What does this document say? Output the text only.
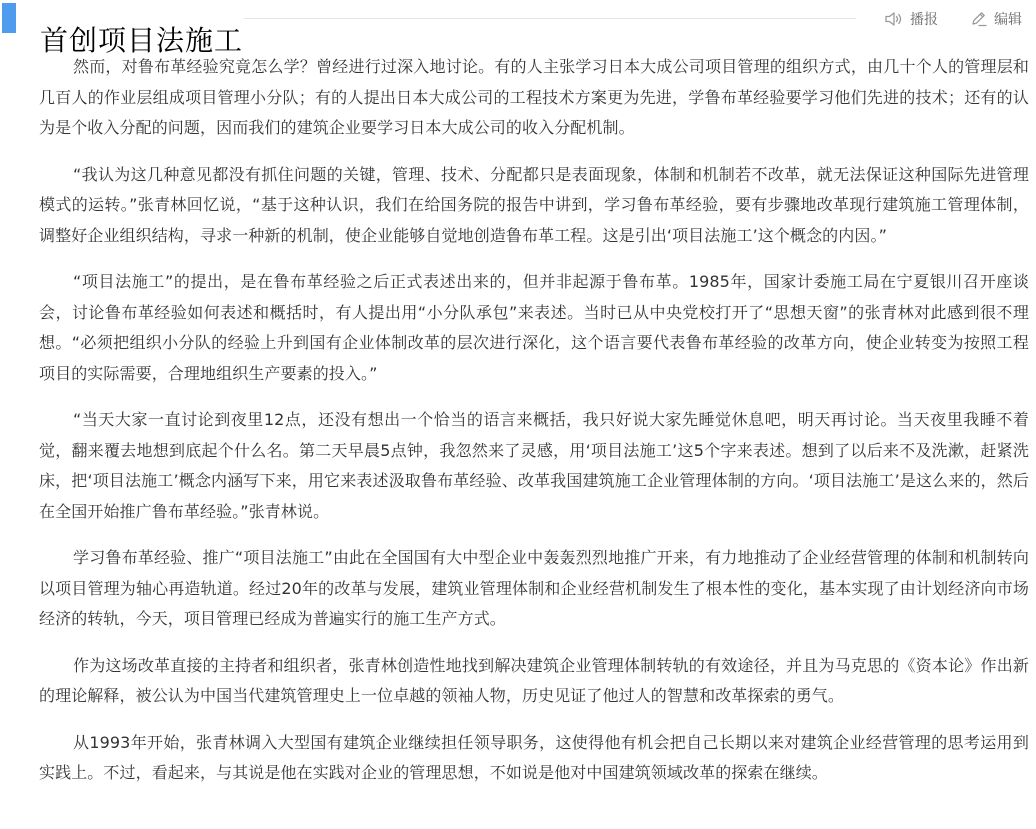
首创项目法施工
播报	编辑

然而，对鲁布革经验究竟怎么学？曾经进行过深入地讨论。有的人主张学习日本大成公司项目管理的组织方式，由几十个人的管理层和几百人的作业层组成项目管理小分队；有的人提出日本大成公司的工程技术方案更为先进，学鲁布革经验要学习他们先进的技术；还有的认为是个收入分配的问题，因而我们的建筑企业要学习日本大成公司的收入分配机制。

“我认为这几种意见都没有抓住问题的关键，管理、技术、分配都只是表面现象，体制和机制若不改革，就无法保证这种国际先进管理模式的运转。”张青林回忆说，“基于这种认识，我们在给国务院的报告中讲到，学习鲁布革经验，要有步骤地改革现行建筑施工管理体制，调整好企业组织结构，寻求一种新的机制，使企业能够自觉地创造鲁布革工程。这是引出‘项目法施工’这个概念的内因。”

“项目法施工”的提出，是在鲁布革经验之后正式表述出来的，但并非起源于鲁布革。1985年，国家计委施工局在宁夏银川召开座谈会，讨论鲁布革经验如何表述和概括时，有人提出用“小分队承包”来表述。当时已从中央党校打开了“思想天窗”的张青林对此感到很不理想。“必须把组织小分队的经验上升到国有企业体制改革的层次进行深化，这个语言要代表鲁布革经验的改革方向，使企业转变为按照工程项目的实际需要，合理地组织生产要素的投入。”

“当天大家一直讨论到夜里12点，还没有想出一个恰当的语言来概括，我只好说大家先睡觉休息吧，明天再讨论。当天夜里我睡不着觉，翻来覆去地想到底起个什么名。第二天早晨5点钟，我忽然来了灵感，用‘项目法施工’这5个字来表述。想到了以后来不及洗漱，赶紧洗床，把‘项目法施工’概念内涵写下来，用它来表述汲取鲁布革经验、改革我国建筑施工企业管理体制的方向。‘项目法施工’是这么来的，然后在全国开始推广鲁布革经验。”张青林说。

学习鲁布革经验、推广“项目法施工”由此在全国国有大中型企业中轰轰烈烈地推广开来，有力地推动了企业经营管理的体制和机制转向以项目管理为轴心再造轨道。经过20年的改革与发展，建筑业管理体制和企业经营机制发生了根本性的变化，基本实现了由计划经济向市场经济的转轨，今天，项目管理已经成为普遍实行的施工生产方式。

作为这场改革直接的主持者和组织者，张青林创造性地找到解决建筑企业管理体制转轨的有效途径，并且为马克思的《资本论》作出新的理论解释，被公认为中国当代建筑管理史上一位卓越的领袖人物，历史见证了他过人的智慧和改革探索的勇气。

从1993年开始，张青林调入大型国有建筑企业继续担任领导职务，这使得他有机会把自己长期以来对建筑企业经营管理的思考运用到实践上。不过，看起来，与其说是他在实践对企业的管理思想，不如说是他对中国建筑领域改革的探索在继续。
